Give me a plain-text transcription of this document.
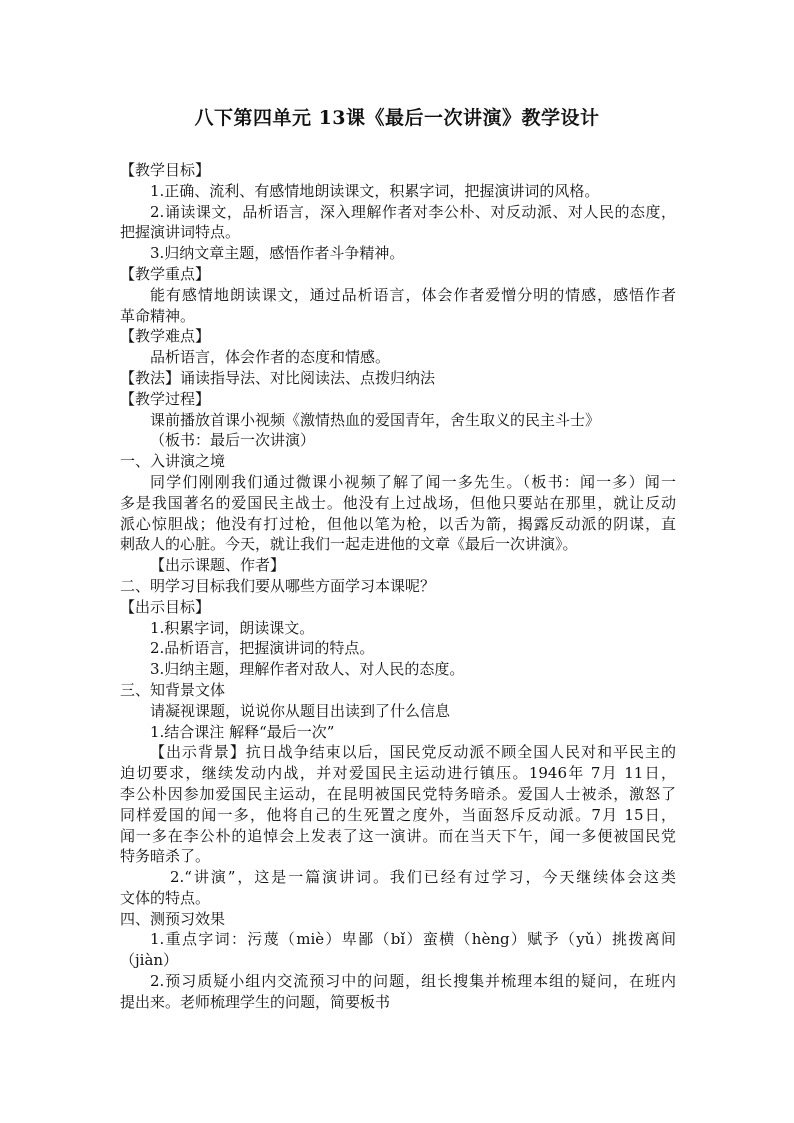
八下第四单元 13课《最后一次讲演》教学设计

【教学目标】

1.正确、流利、有感情地朗读课文，积累字词，把握演讲词的风格。

2.诵读课文，品析语言，深入理解作者对李公朴、对反动派、对人民的态度，

把握演讲词特点。

3.归纳文章主题，感悟作者斗争精神。

【教学重点】

能有感情地朗读课文，通过品析语言，体会作者爱憎分明的情感，感悟作者

革命精神。

【教学难点】

品析语言，体会作者的态度和情感。

【教法】诵读指导法、对比阅读法、点拨归纳法

【教学过程】

课前播放首课小视频《激情热血的爱国青年，舍生取义的民主斗士》

（板书：最后一次讲演）

一、入讲演之境

同学们刚刚我们通过微课小视频了解了闻一多先生。（板书：闻一多）闻一

多是我国著名的爱国民主战士。他没有上过战场，但他只要站在那里，就让反动

派心惊胆战；他没有打过枪，但他以笔为枪，以舌为箭，揭露反动派的阴谋，直

刺敌人的心脏。今天，就让我们一起走进他的文章《最后一次讲演》。

【出示课题、作者】

二、明学习目标我们要从哪些方面学习本课呢？

【出示目标】

1.积累字词，朗读课文。

2.品析语言，把握演讲词的特点。

3.归纳主题，理解作者对敌人、对人民的态度。

三、知背景文体

请凝视课题，说说你从题目出读到了什么信息

1.结合课注 解释“最后一次”

【出示背景】抗日战争结束以后，国民党反动派不顾全国人民对和平民主的

迫切要求，继续发动内战，并对爱国民主运动进行镇压。1946年 7月 11日，

李公朴因参加爱国民主运动，在昆明被国民党特务暗杀。爱国人士被杀，激怒了

同样爱国的闻一多，他将自己的生死置之度外，当面怒斥反动派。7月 15日，

闻一多在李公朴的追悼会上发表了这一演讲。而在当天下午，闻一多便被国民党

特务暗杀了。

2.“讲演”，这是一篇演讲词。我们已经有过学习，今天继续体会这类

文体的特点。

四、测预习效果

1.重点字词：污蔑（miè）卑鄙（bǐ）蛮横（hèng）赋予（yǔ）挑拨离间

（jiàn）

2.预习质疑小组内交流预习中的问题，组长搜集并梳理本组的疑问，在班内

提出来。老师梳理学生的问题，简要板书
